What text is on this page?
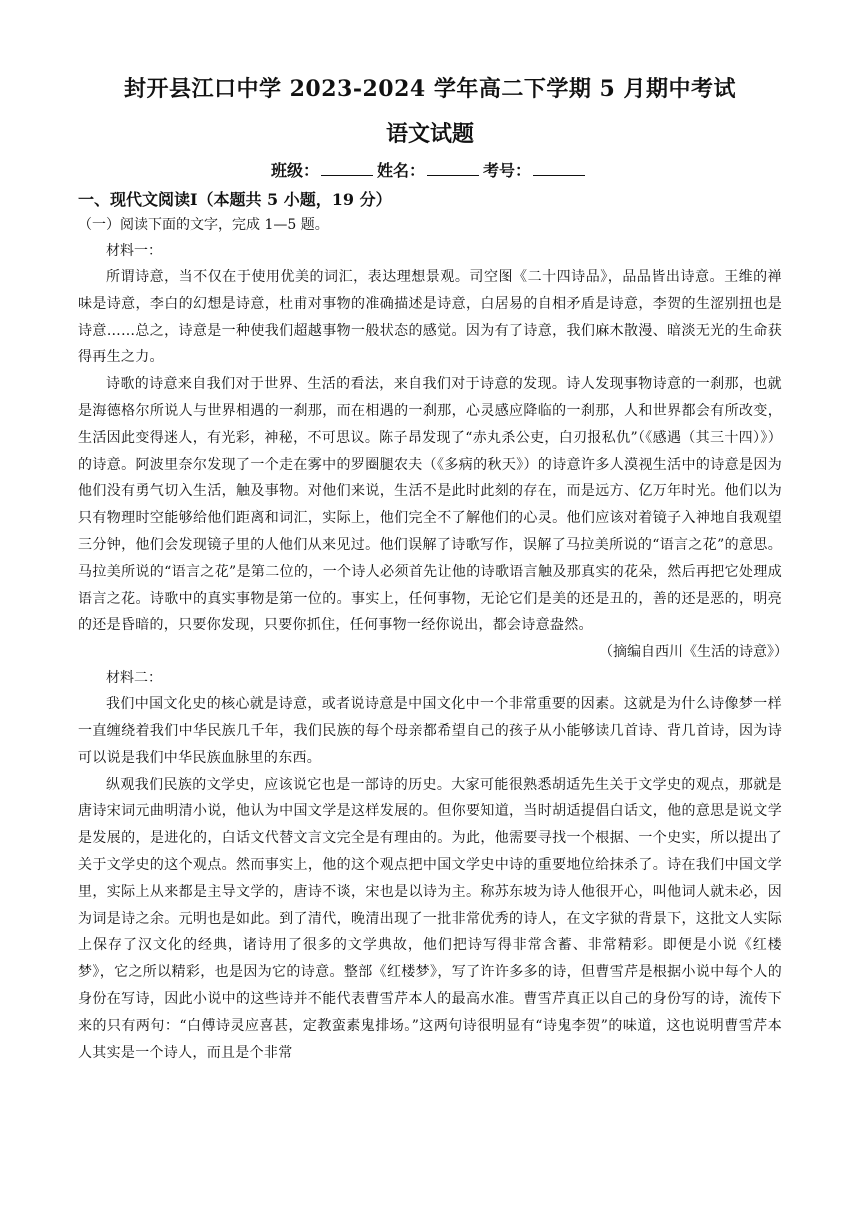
封开县江口中学 2023-2024 学年高二下学期 5 月期中考试
语文试题
班级：	姓名：	考号：
一、现代文阅读Ⅰ（本题共 5 小题，19 分）
（一）阅读下面的文字，完成 1—5 题。
材料一：

所谓诗意，当不仅在于使用优美的词汇，表达理想景观。司空图《二十四诗品》，品品皆出诗意。王维的禅味是诗意，李白的幻想是诗意，杜甫对事物的准确描述是诗意，白居易的自相矛盾是诗意，李贺的生涩别扭也是诗意……总之，诗意是一种使我们超越事物一般状态的感觉。因为有了诗意，我们麻木散漫、暗淡无光的生命获得再生之力。

诗歌的诗意来自我们对于世界、生活的看法，来自我们对于诗意的发现。诗人发现事物诗意的一刹那，也就是海德格尔所说人与世界相遇的一刹那，而在相遇的一刹那，心灵感应降临的一刹那，人和世界都会有所改变，生活因此变得迷人，有光彩，神秘，不可思议。陈子昂发现了“赤丸杀公吏，白刃报私仇”（《感遇（其三十四）》）的诗意。阿波里奈尔发现了一个走在雾中的罗圈腿农夫（《多病的秋天》）的诗意许多人漠视生活中的诗意是因为他们没有勇气切入生活，触及事物。对他们来说，生活不是此时此刻的存在，而是远方、亿万年时光。他们以为只有物理时空能够给他们距离和词汇，实际上，他们完全不了解他们的心灵。他们应该对着镜子入神地自我观望三分钟，他们会发现镜子里的人他们从来见过。他们误解了诗歌写作，误解了马拉美所说的“语言之花”的意思。马拉美所说的“语言之花”是第二位的，一个诗人必须首先让他的诗歌语言触及那真实的花朵，然后再把它处理成语言之花。诗歌中的真实事物是第一位的。事实上，任何事物，无论它们是美的还是丑的，善的还是恶的，明亮的还是昏暗的，只要你发现，只要你抓住，任何事物一经你说出，都会诗意盎然。

（摘编自西川《生活的诗意》）
材料二：

我们中国文化史的核心就是诗意，或者说诗意是中国文化中一个非常重要的因素。这就是为什么诗像梦一样一直缠绕着我们中华民族几千年，我们民族的每个母亲都希望自己的孩子从小能够读几首诗、背几首诗，因为诗可以说是我们中华民族血脉里的东西。

纵观我们民族的文学史，应该说它也是一部诗的历史。大家可能很熟悉胡适先生关于文学史的观点，那就是唐诗宋词元曲明清小说，他认为中国文学是这样发展的。但你要知道，当时胡适提倡白话文，他的意思是说文学是发展的，是进化的，白话文代替文言文完全是有理由的。为此，他需要寻找一个根据、一个史实，所以提出了关于文学史的这个观点。然而事实上，他的这个观点把中国文学史中诗的重要地位给抹杀了。诗在我们中国文学里，实际上从来都是主导文学的，唐诗不谈，宋也是以诗为主。称苏东坡为诗人他很开心，叫他词人就未必，因为词是诗之余。元明也是如此。到了清代，晚清出现了一批非常优秀的诗人，在文字狱的背景下，这批文人实际上保存了汉文化的经典，诸诗用了很多的文学典故，他们把诗写得非常含蓄、非常精彩。即便是小说《红楼梦》，它之所以精彩，也是因为它的诗意。整部《红楼梦》，写了许许多多的诗，但曹雪芹是根据小说中每个人的身份在写诗，因此小说中的这些诗并不能代表曹雪芹本人的最高水准。曹雪芹真正以自己的身份写的诗，流传下来的只有两句：“白傅诗灵应喜甚，定教蛮素鬼排场。”这两句诗很明显有“诗鬼李贺”的味道，这也说明曹雪芹本人其实是一个诗人，而且是个非常
